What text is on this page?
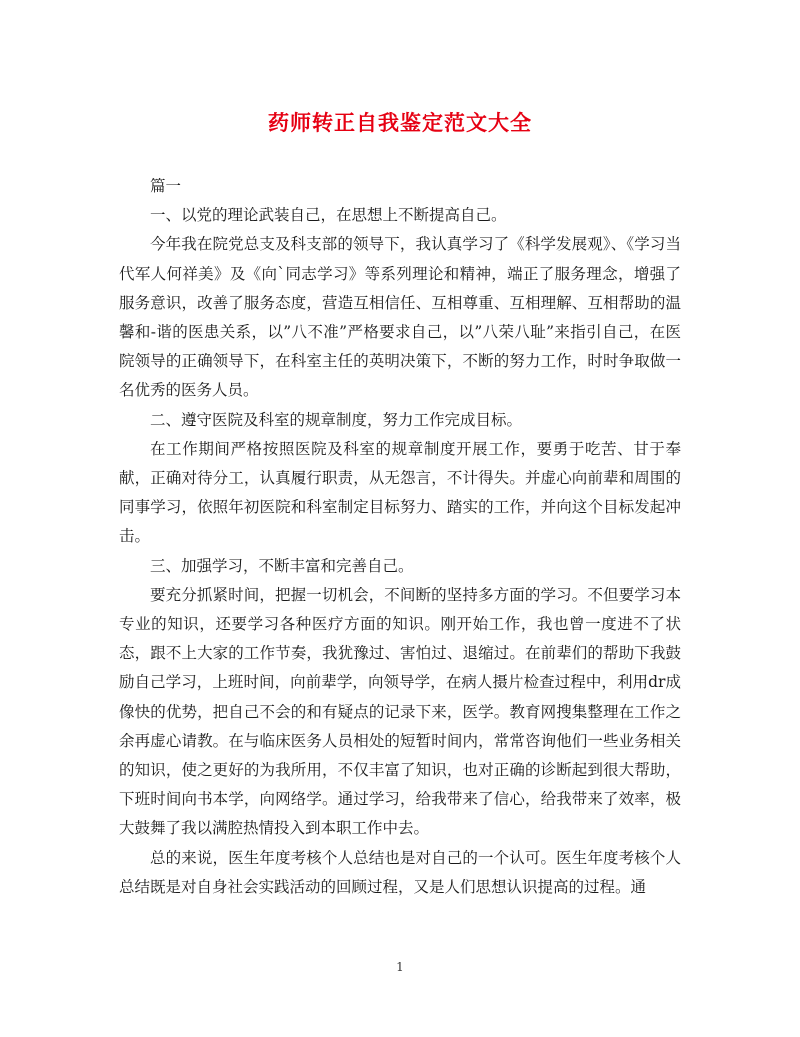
药师转正自我鉴定范文大全

篇一

一、以党的理论武装自己，在思想上不断提高自己。

今年我在院党总支及科支部的领导下，我认真学习了《科学发展观》、《学习当代军人何祥美》及《向`同志学习》等系列理论和精神，端正了服务理念，增强了服务意识，改善了服务态度，营造互相信任、互相尊重、互相理解、互相帮助的温馨和-谐的医患关系，以”八不准”严格要求自己，以”八荣八耻”来指引自己，在医院领导的正确领导下，在科室主任的英明决策下，不断的努力工作，时时争取做一名优秀的医务人员。

二、遵守医院及科室的规章制度，努力工作完成目标。

在工作期间严格按照医院及科室的规章制度开展工作，要勇于吃苦、甘于奉献，正确对待分工，认真履行职责，从无怨言，不计得失。并虚心向前辈和周围的同事学习，依照年初医院和科室制定目标努力、踏实的工作，并向这个目标发起冲击。

三、加强学习，不断丰富和完善自己。

要充分抓紧时间，把握一切机会，不间断的坚持多方面的学习。不但要学习本专业的知识，还要学习各种医疗方面的知识。刚开始工作，我也曾一度进不了状态，跟不上大家的工作节奏，我犹豫过、害怕过、退缩过。在前辈们的帮助下我鼓励自己学习，上班时间，向前辈学，向领导学，在病人摄片检查过程中，利用dr成像快的优势，把自己不会的和有疑点的记录下来，医学。教育网搜集整理在工作之余再虚心请教。在与临床医务人员相处的短暂时间内，常常咨询他们一些业务相关的知识，使之更好的为我所用，不仅丰富了知识，也对正确的诊断起到很大帮助，下班时间向书本学，向网络学。通过学习，给我带来了信心，给我带来了效率，极大鼓舞了我以满腔热情投入到本职工作中去。

总的来说，医生年度考核个人总结也是对自己的一个认可。医生年度考核个人总结既是对自身社会实践活动的回顾过程，又是人们思想认识提高的过程。通

1
